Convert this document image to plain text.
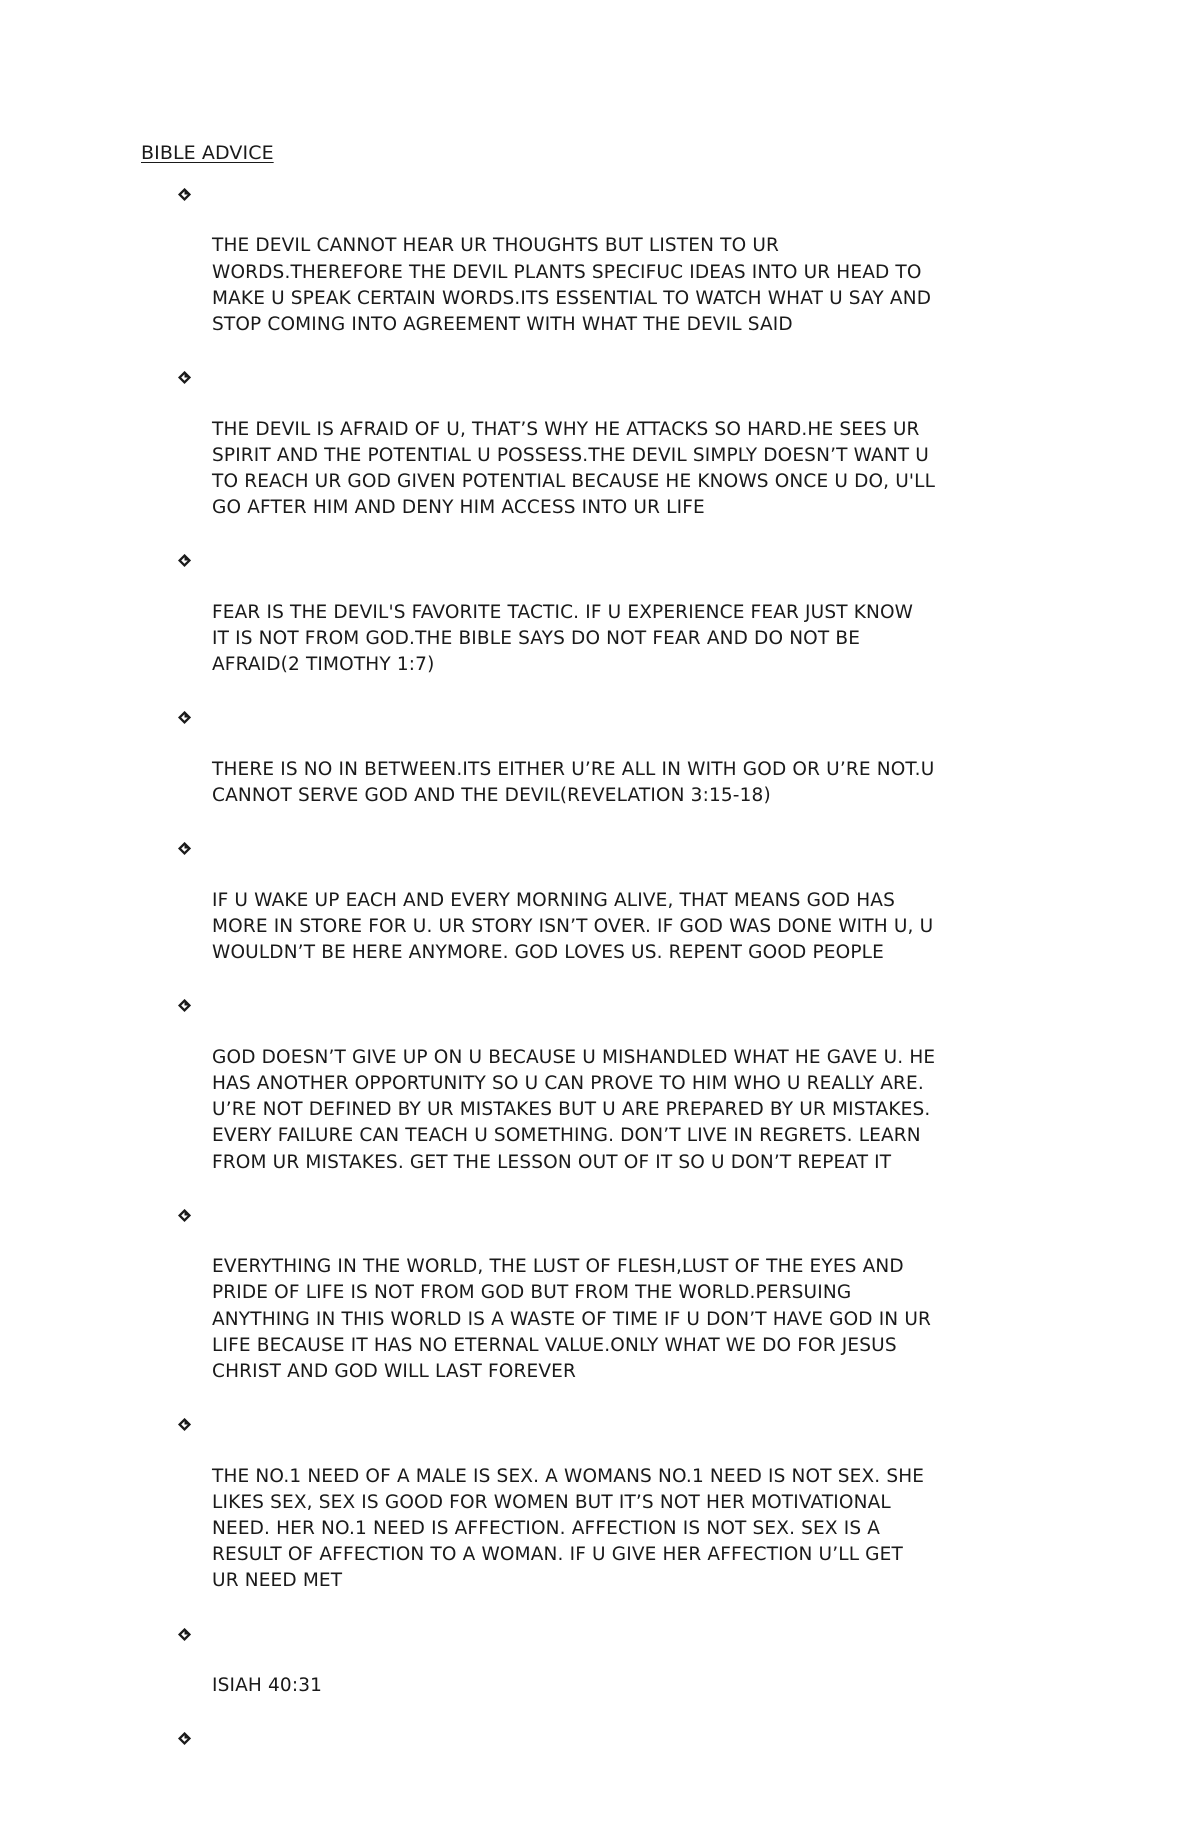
BIBLE ADVICE

THE DEVIL CANNOT HEAR UR THOUGHTS BUT LISTEN TO UR
WORDS.THEREFORE THE DEVIL PLANTS SPECIFUC IDEAS INTO UR HEAD TO
MAKE U SPEAK CERTAIN WORDS.ITS ESSENTIAL TO WATCH WHAT U SAY AND
STOP COMING INTO AGREEMENT WITH WHAT THE DEVIL SAID

THE DEVIL IS AFRAID OF U, THAT’S WHY HE ATTACKS SO HARD.HE SEES UR
SPIRIT AND THE POTENTIAL U POSSESS.THE DEVIL SIMPLY DOESN’T WANT U
TO REACH UR GOD GIVEN POTENTIAL BECAUSE HE KNOWS ONCE U DO, U'LL
GO AFTER HIM AND DENY HIM ACCESS INTO UR LIFE

FEAR IS THE DEVIL'S FAVORITE TACTIC. IF U EXPERIENCE FEAR JUST KNOW
IT IS NOT FROM GOD.THE BIBLE SAYS DO NOT FEAR AND DO NOT BE
AFRAID(2 TIMOTHY 1:7)

THERE IS NO IN BETWEEN.ITS EITHER U’RE ALL IN WITH GOD OR U’RE NOT.U
CANNOT SERVE GOD AND THE DEVIL(REVELATION 3:15-18)

IF U WAKE UP EACH AND EVERY MORNING ALIVE, THAT MEANS GOD HAS
MORE IN STORE FOR U. UR STORY ISN’T OVER. IF GOD WAS DONE WITH U, U
WOULDN’T BE HERE ANYMORE. GOD LOVES US. REPENT GOOD PEOPLE

GOD DOESN’T GIVE UP ON U BECAUSE U MISHANDLED WHAT HE GAVE U. HE
HAS ANOTHER OPPORTUNITY SO U CAN PROVE TO HIM WHO U REALLY ARE.
U’RE NOT DEFINED BY UR MISTAKES BUT U ARE PREPARED BY UR MISTAKES.
EVERY FAILURE CAN TEACH U SOMETHING. DON’T LIVE IN REGRETS. LEARN
FROM UR MISTAKES. GET THE LESSON OUT OF IT SO U DON’T REPEAT IT

EVERYTHING IN THE WORLD, THE LUST OF FLESH,LUST OF THE EYES AND
PRIDE OF LIFE IS NOT FROM GOD BUT FROM THE WORLD.PERSUING
ANYTHING IN THIS WORLD IS A WASTE OF TIME IF U DON’T HAVE GOD IN UR
LIFE BECAUSE IT HAS NO ETERNAL VALUE.ONLY WHAT WE DO FOR JESUS
CHRIST AND GOD WILL LAST FOREVER

THE NO.1 NEED OF A MALE IS SEX. A WOMANS NO.1 NEED IS NOT SEX. SHE
LIKES SEX, SEX IS GOOD FOR WOMEN BUT IT’S NOT HER MOTIVATIONAL
NEED. HER NO.1 NEED IS AFFECTION. AFFECTION IS NOT SEX. SEX IS A
RESULT OF AFFECTION TO A WOMAN. IF U GIVE HER AFFECTION U’LL GET
UR NEED MET

ISIAH 40:31
